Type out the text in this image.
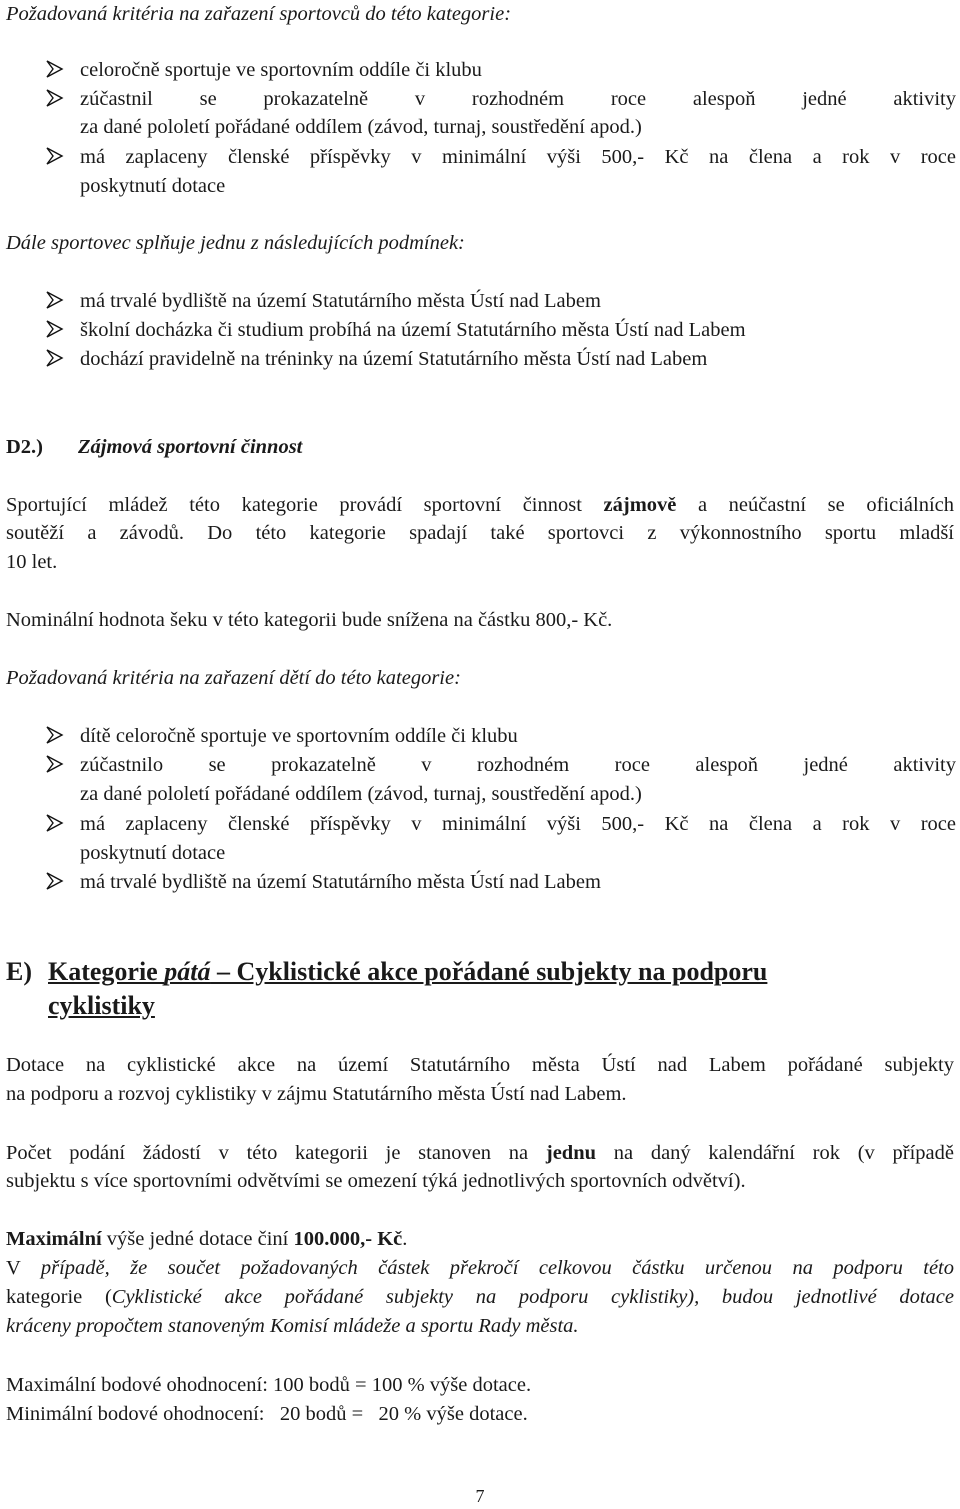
Požadovaná kritéria na zařazení sportovců do této kategorie:
celoročně sportuje ve sportovním oddíle či klubu
zúčastnil se prokazatelně v rozhodném roce alespoň jedné aktivity
za dané pololetí pořádané oddílem (závod, turnaj, soustředění apod.)
má zaplaceny členské příspěvky v minimální výši 500,- Kč na člena a rok v roce
poskytnutí dotace
Dále sportovec splňuje jednu z následujících podmínek:
má trvalé bydliště na území Statutárního města Ústí nad Labem
školní docházka či studium probíhá na území Statutárního města Ústí nad Labem
dochází pravidelně na tréninky na území Statutárního města Ústí nad Labem
D2.) Zájmová sportovní činnost
Sportující mládež této kategorie provádí sportovní činnost zájmově a neúčastní se oficiálních
soutěží a závodů. Do této kategorie spadají také sportovci z výkonnostního sportu mladší
10 let.
Nominální hodnota šeku v této kategorii bude snížena na částku 800,- Kč.
Požadovaná kritéria na zařazení dětí do této kategorie:
dítě celoročně sportuje ve sportovním oddíle či klubu
zúčastnilo se prokazatelně v rozhodném roce alespoň jedné aktivity
za dané pololetí pořádané oddílem (závod, turnaj, soustředění apod.)
má zaplaceny členské příspěvky v minimální výši 500,- Kč na člena a rok v roce
poskytnutí dotace
má trvalé bydliště na území Statutárního města Ústí nad Labem
E) Kategorie pátá – Cyklistické akce pořádané subjekty na podporu
cyklistiky
Dotace na cyklistické akce na území Statutárního města Ústí nad Labem pořádané subjekty
na podporu a rozvoj cyklistiky v zájmu Statutárního města Ústí nad Labem.
Počet podání žádostí v této kategorii je stanoven na jednu na daný kalendářní rok (v případě
subjektu s více sportovními odvětvími se omezení týká jednotlivých sportovních odvětví).
Maximální výše jedné dotace činí 100.000,- Kč.
V případě, že součet požadovaných částek překročí celkovou částku určenou na podporu této
kategorie (Cyklistické akce pořádané subjekty na podporu cyklistiky), budou jednotlivé dotace
kráceny propočtem stanoveným Komisí mládeže a sportu Rady města.
Maximální bodové ohodnocení: 100 bodů = 100 % výše dotace.
Minimální bodové ohodnocení:   20 bodů =   20 % výše dotace.
7
